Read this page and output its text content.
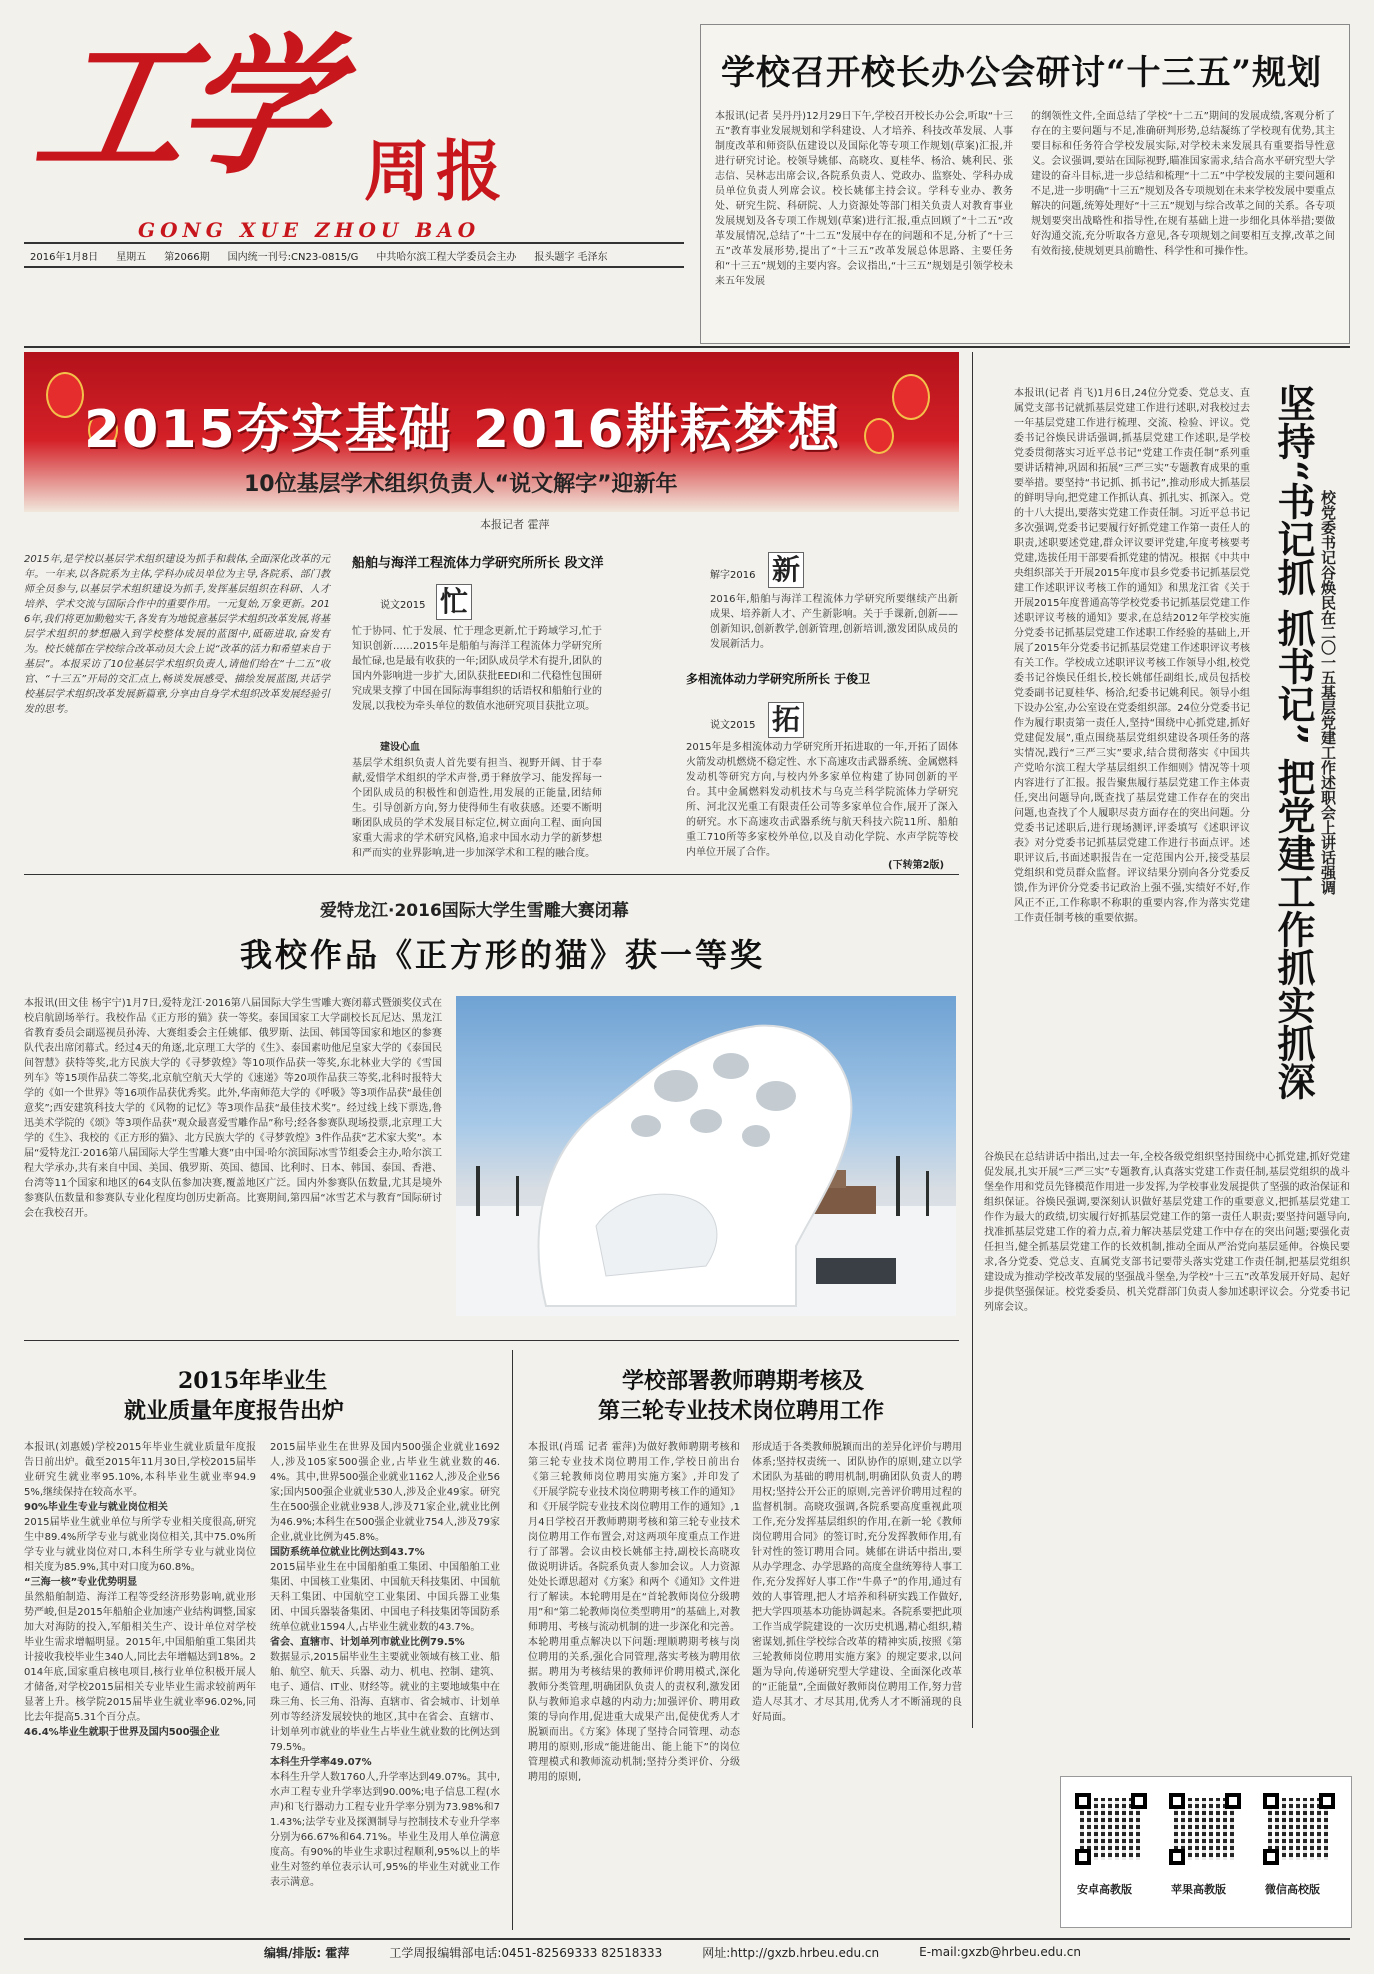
工学 周报
GONG XUE ZHOU BAO
2016年1月8日 星期五 第2066期 国内统一刊号:CN23-0815/G 中共哈尔滨工程大学委员会主办 报头题字 毛泽东
学校召开校长办公会研讨“十三五”规划
本报讯(记者 吴丹丹)12月29日下午,学校召开校长办公会,听取“十三五”教育事业发展规划和学科建设、人才培养、科技改革发展、人事制度改革和师资队伍建设以及国际化等专项工作规划(草案)汇报,并进行研究讨论。校领导姚郁、高晓攻、夏桂华、杨洽、姚利民、张志信、吴林志出席会议,各院系负责人、党政办、监察处、学科办成员单位负责人列席会议。校长姚郁主持会议。学科专业办、教务处、研究生院、科研院、人力资源处等部门相关负责人对教育事业发展规划及各专项工作规划(草案)进行汇报,重点回顾了“十二五”改革发展情况,总结了“十二五”发展中存在的问题和不足,分析了“十三五”改革发展形势,提出了“十三五”改革发展总体思路、主要任务和“十三五”规划的主要内容。会议指出,“十三五”规划是引领学校未来五年发展
的纲领性文件,全面总结了学校“十二五”期间的发展成绩,客观分析了存在的主要问题与不足,准确研判形势,总结凝练了学校现有优势,其主要目标和任务符合学校发展实际,对学校未来发展具有重要指导性意义。会议强调,要站在国际视野,瞄准国家需求,结合高水平研究型大学建设的奋斗目标,进一步总结和梳理“十二五”中学校发展的主要问题和不足,进一步明确“十三五”规划及各专项规划在未来学校发展中要重点解决的问题,统筹处理好“十三五”规划与综合改革之间的关系。各专项规划要突出战略性和指导性,在规有基础上进一步细化具体举措;要做好沟通交流,充分听取各方意见,各专项规划之间要相互支撑,改革之间有效衔接,使规划更具前瞻性、科学性和可操作性。
2015夯实基础 2016耕耘梦想
10位基层学术组织负责人“说文解字”迎新年
本报记者 霍萍
2015年,是学校以基层学术组织建设为抓手和载体,全面深化改革的元年。一年来,以各院系为主体,学科办成员单位为主导,各院系、部门教师全员参与,以基层学术组织建设为抓手,发挥基层组织在科研、人才培养、学术交流与国际合作中的重要作用。一元复始,万象更新。2016年,我们将更加勤勉实干,各发有为地锐意基层学术组织改革发展,将基层学术组织的梦想融入到学校整体发展的蓝图中,砥砺进取,奋发有为。校长姚郁在学校综合改革动员大会上说“改革的活力和希望来自于基层”。本报采访了10位基层学术组织负责人,请他们给在“十二五”收官、“十三五”开局的交汇点上,畅谈发展感受、描绘发展蓝图,共话学校基层学术组织改革发展新篇章,分享由自身学术组织改革发展经验引发的思考。
船舶与海洋工程流体力学研究所所长 段文洋
说文2015 忙
忙于协同、忙于发展、忙于理念更新,忙于跨域学习,忙于知识创新……2015年是船舶与海洋工程流体力学研究所最忙碌,也是最有收获的一年;团队成员学术有提升,团队的国内外影响进一步扩大,团队获批EEDI和二代稳性包围研究成果支撑了中国在国际海事组织的话语权和船舶行业的发展,以我校为牵头单位的数值水池研究项目获批立项。
建设心血
基层学术组织负责人首先要有担当、视野开阔、甘于奉献,爱惜学术组织的学术声誉,勇于释放学习、能发挥每一个团队成员的积极性和创造性,用发展的正能量,团结师生。引导创新方向,努力使得师生有收获感。还要不断明晰团队成员的学术发展目标定位,树立面向工程、面向国家重大需求的学术研究风格,追求中国水动力学的新梦想和严而实的业界影响,进一步加深学术和工程的融合度。
解字2016 新
2016年,船舶与海洋工程流体力学研究所要继续产出新成果、培养新人才、产生新影响。关于手课新,创新——创新知识,创新教学,创新管理,创新培训,激发团队成员的发展新活力。
多相流体动力学研究所所长 于俊卫
说文2015 拓
2015年是多相流体动力学研究所开拓进取的一年,开拓了固体火箭发动机燃烧不稳定性、水下高速攻击武器系统、金属燃料发动机等研究方向,与校内外多家单位构建了协同创新的平台。其中金属燃料发动机技术与乌克兰科学院流体力学研究所、河北汉光重工有限责任公司等多家单位合作,展开了深入的研究。水下高速攻击武器系统与航天科技六院11所、船舶重工710所等多家校外单位,以及自动化学院、水声学院等校内单位开展了合作。
(下转第2版)
本报讯(记者 肖飞)1月6日,24位分党委、党总支、直属党支部书记就抓基层党建工作进行述职,对我校过去一年基层党建工作进行梳理、交流、检验、评议。党委书记谷焕民讲话强调,抓基层党建工作述职,是学校党委贯彻落实习近平总书记“党建工作责任制”系列重要讲话精神,巩固和拓展“三严三实”专题教育成果的重要举措。要坚持“书记抓、抓书记”,推动形成大抓基层的鲜明导向,把党建工作抓认真、抓扎实、抓深入。党的十八大提出,要落实党建工作责任制。习近平总书记多次强调,党委书记要履行好抓党建工作第一责任人的职责,述职要述党建,群众评议要评党建,年度考核要考党建,选拔任用干部要看抓党建的情况。根据《中共中央组织部关于开展2015年度市县乡党委书记抓基层党建工作述职评议考核工作的通知》和黑龙江省《关于开展2015年度普通高等学校党委书记抓基层党建工作述职评议考核的通知》要求,在总结2012年学校实施分党委书记抓基层党建工作述职工作经验的基础上,开展了2015年分党委书记抓基层党建工作述职评议考核有关工作。学校成立述职评议考核工作领导小组,校党委书记谷焕民任组长,校长姚郁任副组长,成员包括校党委副书记夏桂华、杨洽,纪委书记姚利民。领导小组下设办公室,办公室设在党委组织部。24位分党委书记作为履行职责第一责任人,坚持“围绕中心抓党建,抓好党建促发展”,重点围绕基层党组织建设各项任务的落实情况,践行“三严三实”要求,结合贯彻落实《中国共产党哈尔滨工程大学基层组织工作细则》情况等十项内容进行了汇报。报告聚焦履行基层党建工作主体责任,突出问题导向,既查找了基层党建工作存在的突出问题,也查找了个人履职尽责方面存在的突出问题。分党委书记述职后,进行现场测评,评委填写《述职评议表》对分党委书记抓基层党建工作进行书面点评。述职评议后,书面述职报告在一定范围内公开,接受基层党组织和党员群众监督。评议结果分别向各分党委反馈,作为评价分党委书记政治上强不强,实绩好不好,作风正不正,工作称职不称职的重要内容,作为落实党建工作责任制考核的重要依据。	坚持“书记抓 抓书记” 把党建工作抓实抓深 校党委书记谷焕民在二〇一五基层党建工作述职会上讲话强调
谷焕民在总结讲话中指出,过去一年,全校各级党组织坚持围绕中心抓党建,抓好党建促发展,扎实开展“三严三实”专题教育,认真落实党建工作责任制,基层党组织的战斗堡垒作用和党员先锋模范作用进一步发挥,为学校事业发展提供了坚强的政治保证和组织保证。谷焕民强调,要深刻认识做好基层党建工作的重要意义,把抓基层党建工作作为最大的政绩,切实履行好抓基层党建工作的第一责任人职责;要坚持问题导向,找准抓基层党建工作的着力点,着力解决基层党建工作中存在的突出问题;要强化责任担当,健全抓基层党建工作的长效机制,推动全面从严治党向基层延伸。谷焕民要求,各分党委、党总支、直属党支部书记要带头落实党建工作责任制,把基层党组织建设成为推动学校改革发展的坚强战斗堡垒,为学校“十三五”改革发展开好局、起好步提供坚强保证。校党委委员、机关党群部门负责人参加述职评议会。分党委书记列席会议。
爱特龙江·2016国际大学生雪雕大赛闭幕
我校作品《正方形的猫》获一等奖
本报讯(田文佳 杨宇宁)1月7日,爱特龙江·2016第八届国际大学生雪雕大赛闭幕式暨颁奖仪式在校启航剧场举行。我校作品《正方形的猫》获一等奖。泰国国家工大学副校长瓦尼达、黑龙江省教育委员会副巡视员孙涛、大赛组委会主任姚郁、俄罗斯、法国、韩国等国家和地区的参赛队代表出席闭幕式。经过4天的角逐,北京理工大学的《生》、泰国素叻他尼皇家大学的《泰国民间智慧》获特等奖,北方民族大学的《寻梦敦煌》等10项作品获一等奖,东北林业大学的《雪国列车》等15项作品获二等奖,北京航空航天大学的《速递》等20项作品获三等奖,北科时报特大学的《如一个世界》等16项作品获优秀奖。此外,华南师范大学的《呼吸》等3项作品获“最佳创意奖”;西安建筑科技大学的《风物的记忆》等3项作品获“最佳技术奖”。经过线上线下票选,鲁迅美术学院的《颂》等3项作品获“观众最喜爱雪雕作品”称号;经各参赛队现场投票,北京理工大学的《生》、我校的《正方形的猫》、北方民族大学的《寻梦敦煌》3件作品获“艺术家大奖”。本届“爱特龙江·2016第八届国际大学生雪雕大赛”由中国·哈尔滨国际冰雪节组委会主办,哈尔滨工程大学承办,共有来自中国、美国、俄罗斯、英国、德国、比利时、日本、韩国、泰国、香港、台湾等11个国家和地区的64支队伍参加决赛,覆盖地区广泛。国内外参赛队伍数量,尤其是境外参赛队伍数量和参赛队专业化程度均创历史新高。比赛期间,第四届“冰雪艺术与教育”国际研讨会在我校召开。
2015年毕业生
就业质量年度报告出炉
本报讯(刘惠媛)学校2015年毕业生就业质量年度报告日前出炉。截至2015年11月30日,学校2015届毕业研究生就业率95.10%,本科毕业生就业率94.95%,继续保持在较高水平。
90%毕业生专业与就业岗位相关
2015届毕业生就业单位与所学专业相关度很高,研究生中89.4%所学专业与就业岗位相关,其中75.0%所学专业与就业岗位对口,本科生所学专业与就业岗位相关度为85.9%,其中对口度为60.8%。
“三海一核”专业优势明显
虽然船舶制造、海洋工程等受经济形势影响,就业形势严峻,但是2015年船舶企业加速产业结构调整,国家加大对海防的投入,军船相关生产、设计单位对学校毕业生需求增幅明显。2015年,中国船舶重工集团共计接收我校毕业生340人,同比去年增幅达到18%。2014年底,国家重启核电项目,核行业单位积极开展人才储备,对学校2015届相关专业毕业生需求较前两年显著上升。核学院2015届毕业生就业率96.02%,同比去年提高5.31个百分点。
46.4%毕业生就职于世界及国内500强企业
2015届毕业生在世界及国内500强企业就业1692人,涉及105家500强企业,占毕业生就业数的46.4%。其中,世界500强企业就业1162人,涉及企业56家;国内500强企业就业530人,涉及企业49家。研究生在500强企业就业938人,涉及71家企业,就业比例为46.9%;本科生在500强企业就业754人,涉及79家企业,就业比例为45.8%。
国防系统单位就业比例达到43.7%
2015届毕业生在中国船舶重工集团、中国船舶工业集团、中国核工业集团、中国航天科技集团、中国航天科工集团、中国航空工业集团、中国兵器工业集团、中国兵器装备集团、中国电子科技集团等国防系统单位就业1594人,占毕业生就业数的43.7%。
省会、直辖市、计划单列市就业比例79.5%
数据显示,2015届毕业生主要就业领域有核工业、船舶、航空、航天、兵器、动力、机电、控制、建筑、电子、通信、IT业、财经等。就业的主要地域集中在珠三角、长三角、沿海、直辖市、省会城市、计划单列市等经济发展较快的地区,其中在省会、直辖市、计划单列市就业的毕业生占毕业生就业数的比例达到79.5%。
本科生升学率49.07%
本科生升学人数1760人,升学率达到49.07%。其中,水声工程专业升学率达到90.00%;电子信息工程(水声)和飞行器动力工程专业升学率分别为73.98%和71.43%;法学专业及探测制导与控制技术专业升学率分别为66.67%和64.71%。毕业生及用人单位满意度高。有90%的毕业生求职过程顺利,95%以上的毕业生对签约单位表示认可,95%的毕业生对就业工作表示满意。
学校部署教师聘期考核及
第三轮专业技术岗位聘用工作
本报讯(肖瑶 记者 霍萍)为做好教师聘期考核和第三轮专业技术岗位聘用工作,学校日前出台《第三轮教师岗位聘用实施方案》,并印发了《开展学院专业技术岗位聘期考核工作的通知》和《开展学院专业技术岗位聘用工作的通知》,1月4日学校召开教师聘期考核和第三轮专业技术岗位聘用工作布置会,对这两项年度重点工作进行了部署。会议由校长姚郁主持,副校长高晓攻做说明讲话。各院系负责人参加会议。人力资源处处长谭思超对《方案》和两个《通知》文件进行了解读。本轮聘用是在“首轮教师岗位分级聘用”和“第二轮教师岗位类型聘用”的基础上,对教师聘用、考核与流动机制的进一步深化和完善。本轮聘用重点解决以下问题:理顺聘期考核与岗位聘用的关系,强化合同管理,落实考核为聘用依据。聘用为考核结果的教师评价聘用模式,深化教师分类管理,明确团队负责人的责权利,激发团队与教师追求卓越的内动力;加强评价、聘用政策的导向作用,促进重大成果产出,促使优秀人才脱颖而出。《方案》体现了坚持合同管理、动态聘用的原则,形成“能进能出、能上能下”的岗位管理模式和教师流动机制;坚持分类评价、分级聘用的原则,
形成适于各类教师脱颖而出的差异化评价与聘用体系;坚持权责统一、团队协作的原则,建立以学术团队为基础的聘用机制,明确团队负责人的聘用权;坚持公开公正的原则,完善评价聘用过程的监督机制。高晓攻强调,各院系要高度重视此项工作,充分发挥基层组织的作用,在新一轮《教师岗位聘用合同》的签订时,充分发挥教师作用,有针对性的签订聘用合同。姚郁在讲话中指出,要从办学理念、办学思路的高度全盘统筹待人事工作,充分发挥好人事工作“牛鼻子”的作用,通过有效的人事管理,把人才培养和科研实践工作做好,把大学四项基本功能协调起来。各院系要把此项工作当成学院建设的一次历史机遇,精心组织,精密谋划,抓住学校综合改革的精神实质,按照《第三轮教师岗位聘用实施方案》的规定要求,以问题为导向,传递研究型大学建设、全面深化改革的“正能量”,全面做好教师岗位聘用工作,努力营造人尽其才、才尽其用,优秀人才不断涌现的良好局面。
安卓高教版	苹果高教版	微信高校版
编辑/排版: 霍萍	工学周报编辑部电话:0451-82569333 82518333	网址:http://gxzb.hrbeu.edu.cn	E-mail:gxzb@hrbeu.edu.cn
